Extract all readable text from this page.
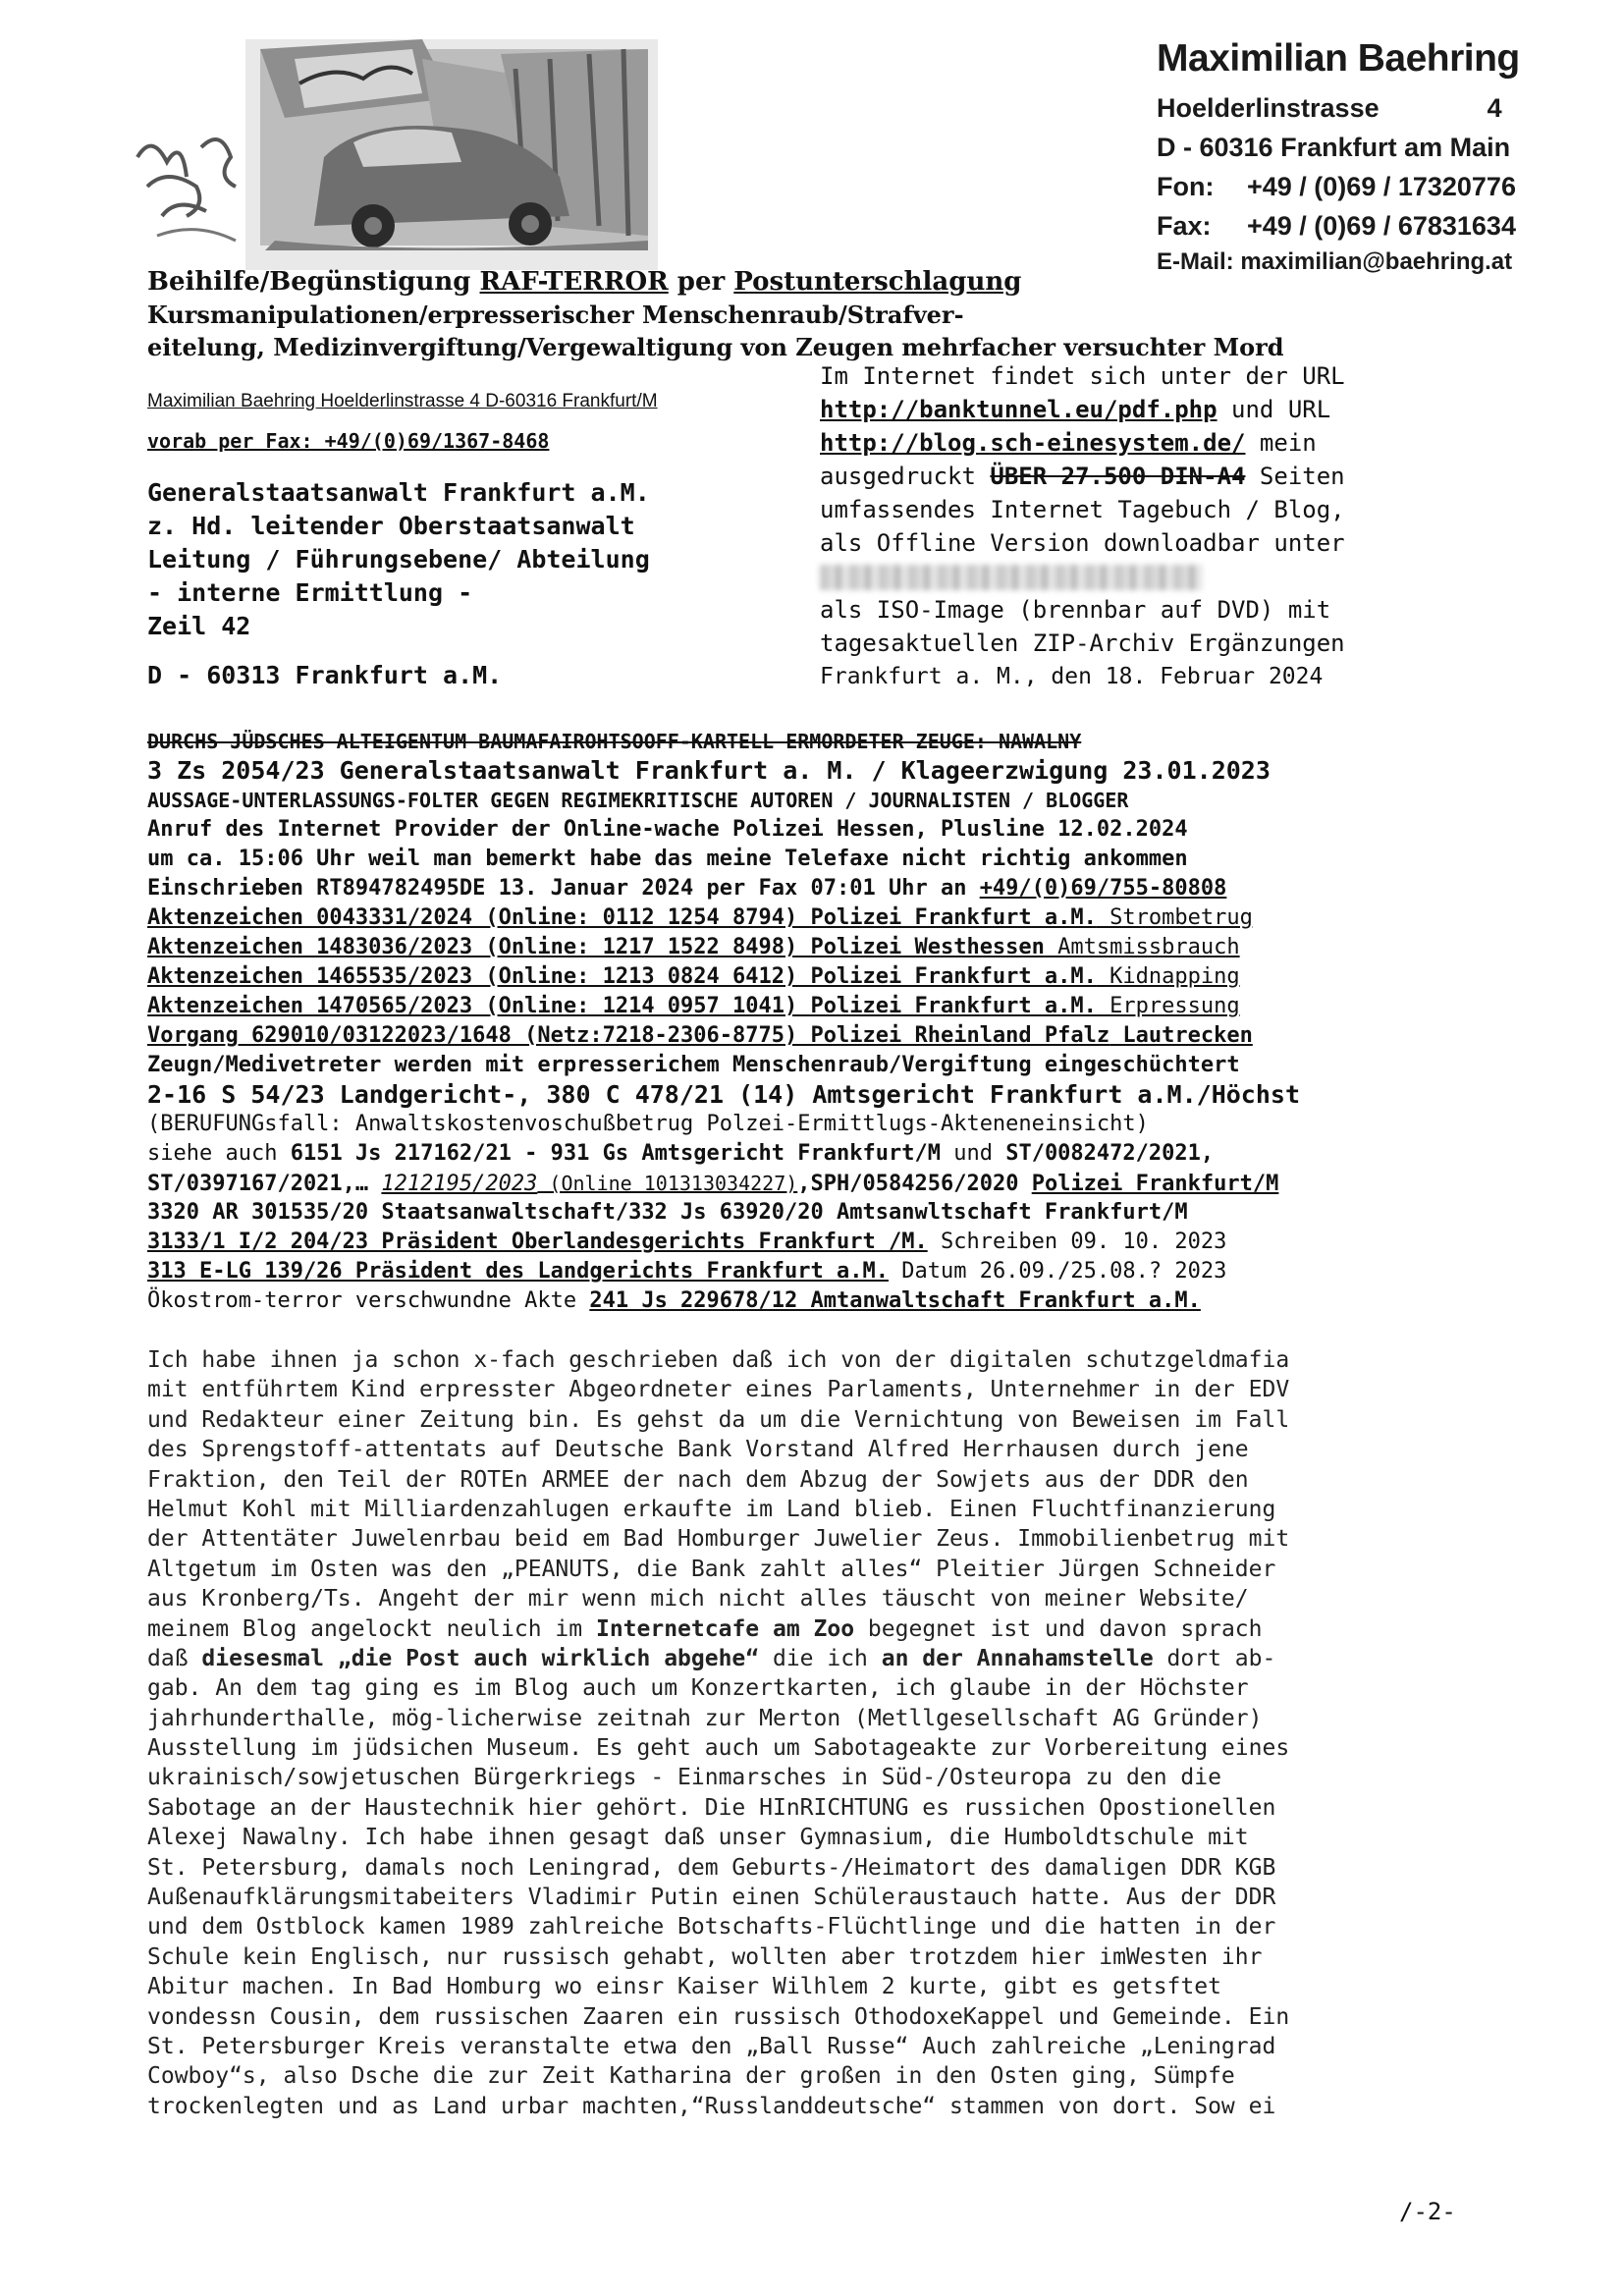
Maximilian Baehring
Hoelderlinstrasse	4
D - 60316 Frankfurt am Main
Fon:	+49 / (0)69 / 17320776
Fax:	+49 / (0)69 / 67831634
E-Mail: maximilian@baehring.at
Beihilfe/Begünstigung RAF-TERROR per Postunterschlagung
Kursmanipulationen/erpresserischer Menschenraub/Strafver-
eitelung, Medizinvergiftung/Vergewaltigung von Zeugen mehrfacher versuchter Mord
Maximilian Baehring Hoelderlinstrasse 4 D-60316 Frankfurt/M
vorab per Fax: +49/(0)69/1367-8468
Generalstaatsanwalt Frankfurt a.M.
z. Hd. leitender Oberstaatsanwalt
Leitung / Führungsebene/ Abteilung
- interne Ermittlung -
Zeil 42
D - 60313 Frankfurt a.M.
Im Internet findet sich unter der URL
http://banktunnel.eu/pdf.php und URL
http://blog.sch-einesystem.de/ mein
ausgedruckt ÜBER 27.500 DIN-A4 Seiten
umfassendes Internet Tagebuch / Blog,
als Offline Version downloadbar unter
als ISO-Image (brennbar auf DVD) mit
tagesaktuellen ZIP-Archiv Ergänzungen
Frankfurt a. M., den 18. Februar 2024
DURCHS JÜDSCHES ALTEIGENTUM BAUMAFAIROHTSOOFF-KARTELL ERMORDETER ZEUGE: NAWALNY
3 Zs 2054/23 Generalstaatsanwalt Frankfurt a. M. / Klageerzwigung 23.01.2023
AUSSAGE-UNTERLASSUNGS-FOLTER GEGEN REGIMEKRITISCHE AUTOREN / JOURNALISTEN / BLOGGER
Anruf des Internet Provider der Online-wache Polizei Hessen, Plusline 12.02.2024
um ca. 15:06 Uhr weil man bemerkt habe das meine Telefaxe nicht richtig ankommen
Einschrieben RT894782495DE 13. Januar 2024 per Fax 07:01 Uhr an +49/(0)69/755-80808
Aktenzeichen 0043331/2024 (Online: 0112 1254 8794) Polizei Frankfurt a.M. Strombetrug
Aktenzeichen 1483036/2023 (Online: 1217 1522 8498) Polizei Westhessen Amtsmissbrauch
Aktenzeichen 1465535/2023 (Online: 1213 0824 6412) Polizei Frankfurt a.M. Kidnapping
Aktenzeichen 1470565/2023 (Online: 1214 0957 1041) Polizei Frankfurt a.M. Erpressung
Vorgang 629010/03122023/1648 (Netz:7218-2306-8775) Polizei Rheinland Pfalz Lautrecken
Zeugn/Medivetreter werden mit erpresserichem Menschenraub/Vergiftung eingeschüchtert
2-16 S 54/23 Landgericht-, 380 C 478/21 (14) Amtsgericht Frankfurt a.M./Höchst
(BERUFUNGsfall: Anwaltskostenvoschußbetrug Polzei-Ermittlugs-Akteneneinsicht)
siehe auch 6151 Js 217162/21 - 931 Gs Amtsgericht Frankfurt/M und ST/0082472/2021,
ST/0397167/2021,… 1212195/2023 (Online 101313034227),SPH/0584256/2020 Polizei Frankfurt/M
3320 AR 301535/20 Staatsanwaltschaft/332 Js 63920/20 Amtsanwltschaft Frankfurt/M
3133/1 I/2 204/23 Präsident Oberlandesgerichts Frankfurt /M. Schreiben 09. 10. 2023
313 E-LG 139/26 Präsident des Landgerichts Frankfurt a.M. Datum 26.09./25.08.? 2023
Ökostrom-terror verschwundne Akte 241 Js 229678/12 Amtanwaltschaft Frankfurt a.M.
Ich habe ihnen ja schon x-fach geschrieben daß ich von der digitalen schutzgeldmafia
mit entführtem Kind erpresster Abgeordneter eines Parlaments, Unternehmer in der EDV
und Redakteur einer Zeitung bin. Es gehst da um die Vernichtung von Beweisen im Fall
des Sprengstoff-attentats auf Deutsche Bank Vorstand Alfred Herrhausen durch jene
Fraktion, den Teil der ROTEn ARMEE der nach dem Abzug der Sowjets aus der DDR den
Helmut Kohl mit Milliardenzahlugen erkaufte im Land blieb. Einen Fluchtfinanzierung
der Attentäter Juwelenrbau beid em Bad Homburger Juwelier Zeus. Immobilienbetrug mit
Altgetum im Osten was den „PEANUTS, die Bank zahlt alles“ Pleitier Jürgen Schneider
aus Kronberg/Ts. Angeht der mir wenn mich nicht alles täuscht von meiner Website/
meinem Blog angelockt neulich im Internetcafe am Zoo begegnet ist und davon sprach
daß diesesmal „die Post auch wirklich abgehe“ die ich an der Annahamstelle dort ab-
gab. An dem tag ging es im Blog auch um Konzertkarten, ich glaube in der Höchster
jahrhunderthalle, mög-licherwise zeitnah zur Merton (Metllgesellschaft AG Gründer)
Ausstellung im jüdsichen Museum. Es geht auch um Sabotageakte zur Vorbereitung eines
ukrainisch/sowjetuschen Bürgerkriegs - Einmarsches in Süd-/Osteuropa zu den die
Sabotage an der Haustechnik hier gehört. Die HInRICHTUNG es russichen Opostionellen
Alexej Nawalny. Ich habe ihnen gesagt daß unser Gymnasium, die Humboldtschule mit
St. Petersburg, damals noch Leningrad, dem Geburts-/Heimatort des damaligen DDR KGB
Außenaufklärungsmitabeiters Vladimir Putin einen Schüleraustauch hatte. Aus der DDR
und dem Ostblock kamen 1989 zahlreiche Botschafts-Flüchtlinge und die hatten in der
Schule kein Englisch, nur russisch gehabt, wollten aber trotzdem hier imWesten ihr
Abitur machen. In Bad Homburg wo einsr Kaiser Wilhlem 2 kurte, gibt es getsftet
vondessn Cousin, dem russischen Zaaren ein russisch OthodoxeKappel und Gemeinde. Ein
St. Petersburger Kreis veranstalte etwa den „Ball Russe“ Auch zahlreiche „Leningrad
Cowboy“s, also Dsche die zur Zeit Katharina der großen in den Osten ging, Sümpfe
trockenlegten und as Land urbar machten,“Russlanddeutsche“ stammen von dort. Sow ei
/-2-
